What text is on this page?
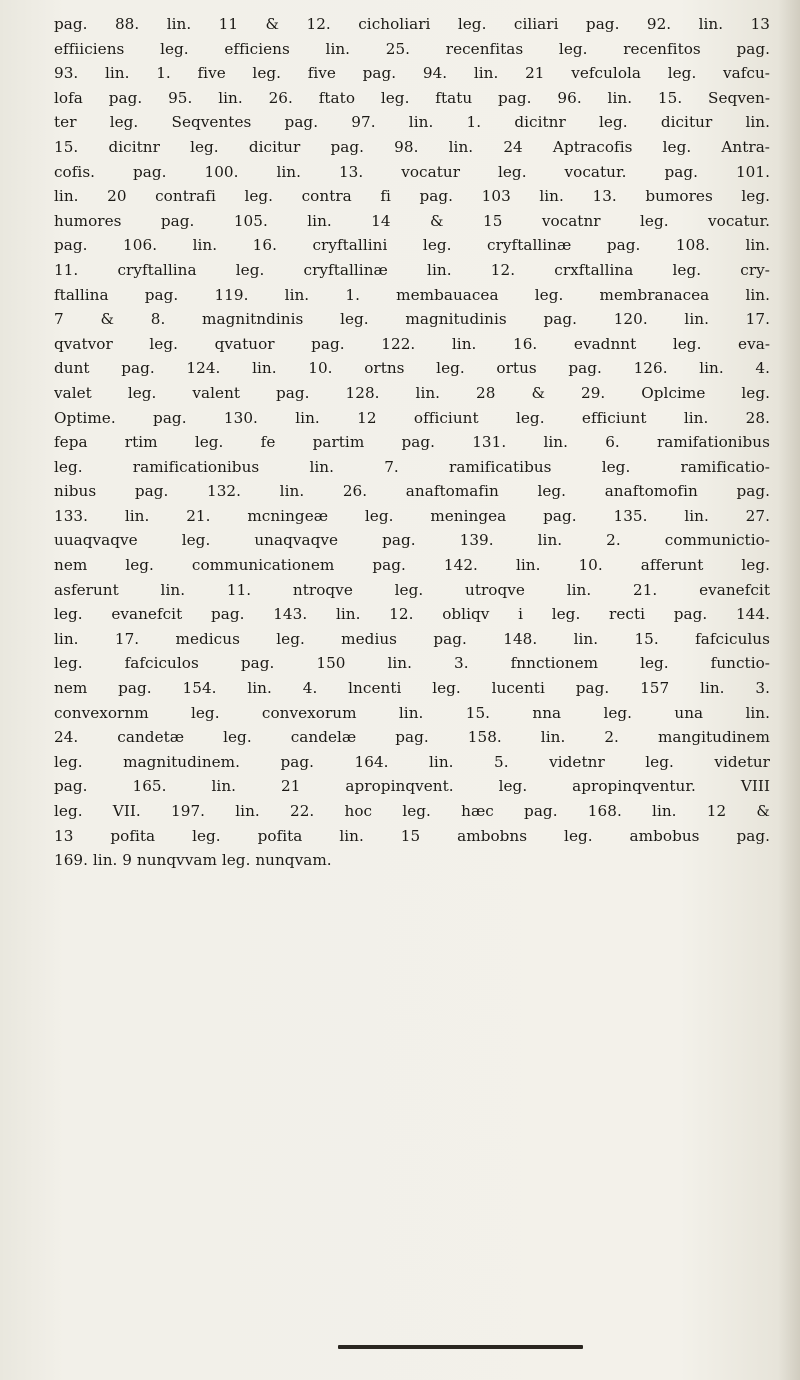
pag. 88. lin. 11 & 12. cicholiari leg. ciliari pag. 92. lin. 13
effiiciens leg. efficiens lin. 25. recenfitas leg. recenfitos pag.
93. lin. 1. five leg. five pag. 94. lin. 21 vefculola leg. vafcu-
lofa pag. 95. lin. 26. ftato leg. ftatu pag. 96. lin. 15. Seqven-
ter leg. Seqventes pag. 97. lin. 1. dicitnr leg. dicitur lin.
15. dicitnr leg. dicitur pag. 98. lin. 24 Aptracofis leg. Antra-
cofis. pag. 100. lin. 13. vocatur leg. vocatur. pag. 101.
lin. 20 contrafi leg. contra fi pag. 103 lin. 13. bumores leg.
humores pag. 105. lin. 14 & 15 vocatnr leg. vocatur.
pag. 106. lin. 16. cryftallini leg. cryftallinæ pag. 108. lin.
11. cryftallina leg. cryftallinæ lin. 12. crxftallina leg. cry-
ftallina pag. 119. lin. 1. membauacea leg. membranacea lin.
7 & 8. magnitndinis leg. magnitudinis pag. 120. lin. 17.
qvatvor leg. qvatuor pag. 122. lin. 16. evadnnt leg. eva-
dunt pag. 124. lin. 10. ortns leg. ortus pag. 126. lin. 4.
valet leg. valent pag. 128. lin. 28 & 29. Oplcime leg.
Optime. pag. 130. lin. 12 officiunt leg. efficiunt lin. 28.
fepa rtim leg. fe partim pag. 131. lin. 6. ramifationibus
leg. ramificationibus lin. 7. ramificatibus leg. ramificatio-
nibus pag. 132. lin. 26. anaftomafin leg. anaftomofin pag.
133. lin. 21. mcningeæ leg. meningea pag. 135. lin. 27.
uuaqvaqve leg. unaqvaqve pag. 139. lin. 2. communictio-
nem leg. communicationem pag. 142. lin. 10. afferunt leg.
asferunt lin. 11. ntroqve leg. utroqve lin. 21. evanefcit
leg. evanefcit pag. 143. lin. 12. obliqv i leg. recti pag. 144.
lin. 17. medicus leg. medius pag. 148. lin. 15. fafciculus
leg. fafciculos pag. 150 lin. 3. fnnctionem leg. functio-
nem pag. 154. lin. 4. lncenti leg. lucenti pag. 157 lin. 3.
convexornm leg. convexorum lin. 15. nna leg. una lin.
24. candetæ leg. candelæ pag. 158. lin. 2. mangitudinem
leg. magnitudinem. pag. 164. lin. 5. videtnr leg. videtur
pag. 165. lin. 21 apropinqvent. leg. apropinqventur. VIII
leg. VII. 197. lin. 22. hoc leg. hæc pag. 168. lin. 12 &
13 pofita leg. pofita lin. 15 ambobns leg. ambobus pag.
169. lin. 9 nunqvvam leg. nunqvam.
